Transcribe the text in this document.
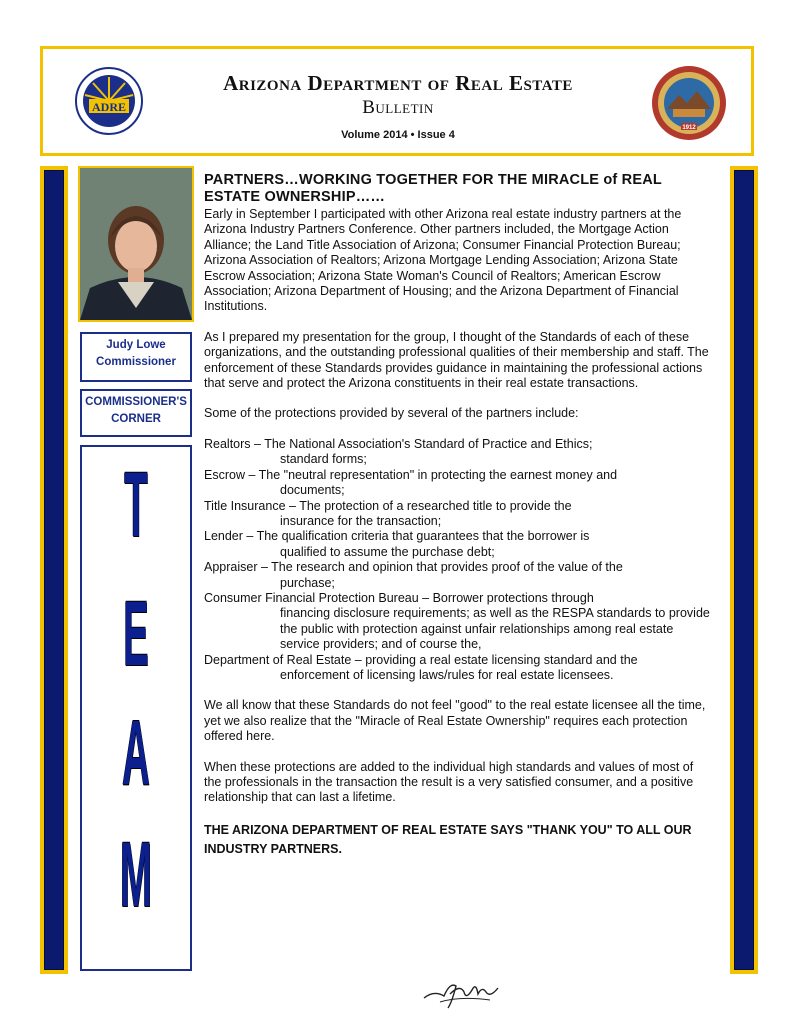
ADRE
Arizona Department of Real Estate
Bulletin
Volume 2014 • Issue 4
1912
Judy Lowe
Commissioner
COMMISSIONER'S
CORNER
T
E
A
M
PARTNERS…WORKING TOGETHER FOR THE MIRACLE of REAL ESTATE OWNERSHIP……

Early in September I participated with other Arizona real estate industry partners at the Arizona Industry Partners Conference. Other partners included, the Mortgage Action Alliance; the Land Title Association of Arizona; Consumer Financial Protection Bureau; Arizona Association of Realtors; Arizona Mortgage Lending Association; Arizona State Escrow Association; Arizona State Woman's Council of Realtors; American Escrow Association; Arizona Department of Housing; and the Arizona Department of Financial Institutions.

As I prepared my presentation for the group, I thought of the Standards of each of these organizations, and the outstanding professional qualities of their membership and staff. The enforcement of these Standards provides guidance in maintaining the professional actions that serve and protect the Arizona constituents in their real estate transactions.

Some of the protections provided by several of the partners include:

Realtors – The National Association's Standard of Practice and Ethics;
standard forms;
Escrow – The "neutral representation" in protecting the earnest money and
documents;
Title Insurance – The protection of a researched title to provide the
insurance for the transaction;
Lender – The qualification criteria that guarantees that the borrower is
qualified to assume the purchase debt;
Appraiser – The research and opinion that provides proof of the value of the
purchase;
Consumer Financial Protection Bureau – Borrower protections through
financing disclosure requirements; as well as the RESPA standards to provide the public with protection against unfair relationships among real estate service providers; and of course the,
Department of Real Estate – providing a real estate licensing standard and the
enforcement of licensing laws/rules for real estate licensees.

We all know that these Standards do not feel "good" to the real estate licensee all the time, yet we also realize that the "Miracle of Real Estate Ownership" requires each protection offered here.

When these protections are added to the individual high standards and values of most of the professionals in the transaction the result is a very satisfied consumer, and a positive relationship that can last a lifetime.

THE ARIZONA DEPARTMENT OF REAL ESTATE SAYS "THANK YOU" TO ALL OUR INDUSTRY PARTNERS.
